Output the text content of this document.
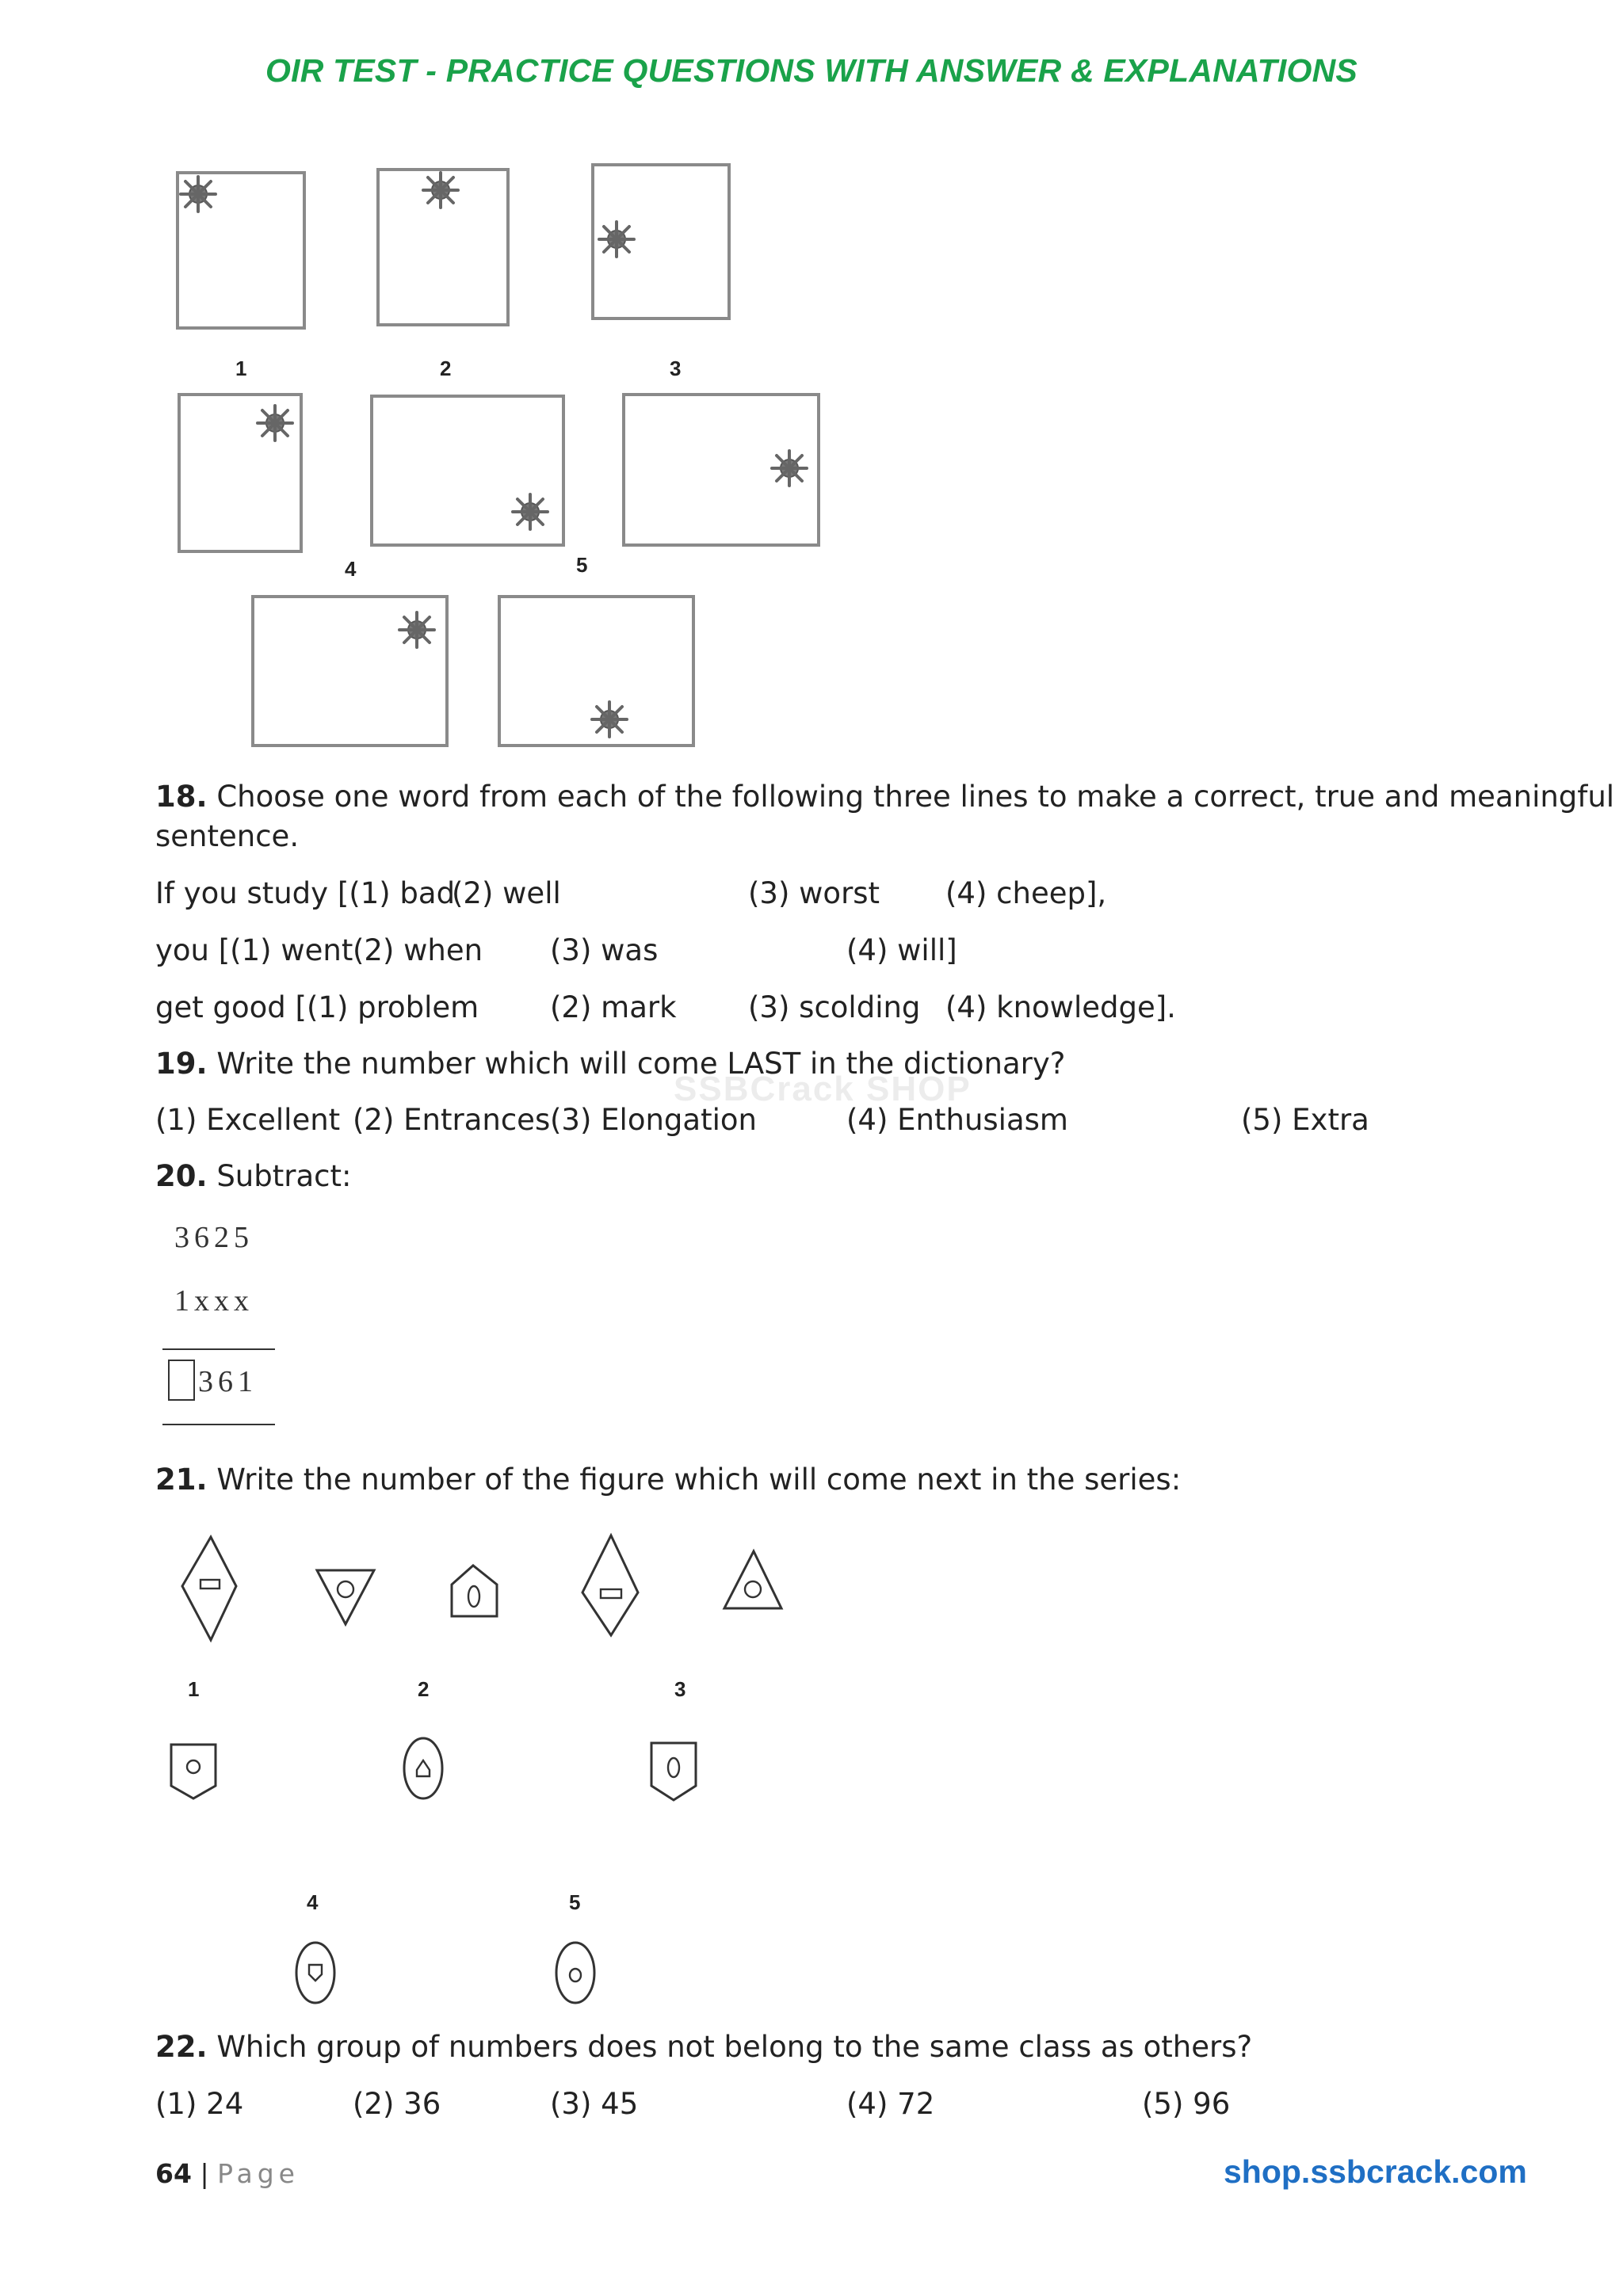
OIR TEST - PRACTICE QUESTIONS WITH ANSWER & EXPLANATIONS
1	2	3
4	5
18. Choose one word from each of the following three lines to make a correct, true and meaningful
sentence.
If you study [(1) bad
(2) well	(3) worst (4) cheep],
you [(1) went (2) when (3) was	(4) will]
get good [(1) problem (2) mark (3) scolding (4) knowledge].
SSBCrack SHOP
19. Write the number which will come LAST in the dictionary?
(1) Excellent (2) Entrances (3) Elongation	(4) Enthusiasm	(5) Extra
20. Subtract:
3625
1xxx
361
21. Write the number of the figure which will come next in the series:
1	2	3
4	5
22. Which group of numbers does not belong to the same class as others?
(1) 24	(2) 36	(3) 45	(4) 72	(5) 96
64 | Page	shop.ssbcrack.com
